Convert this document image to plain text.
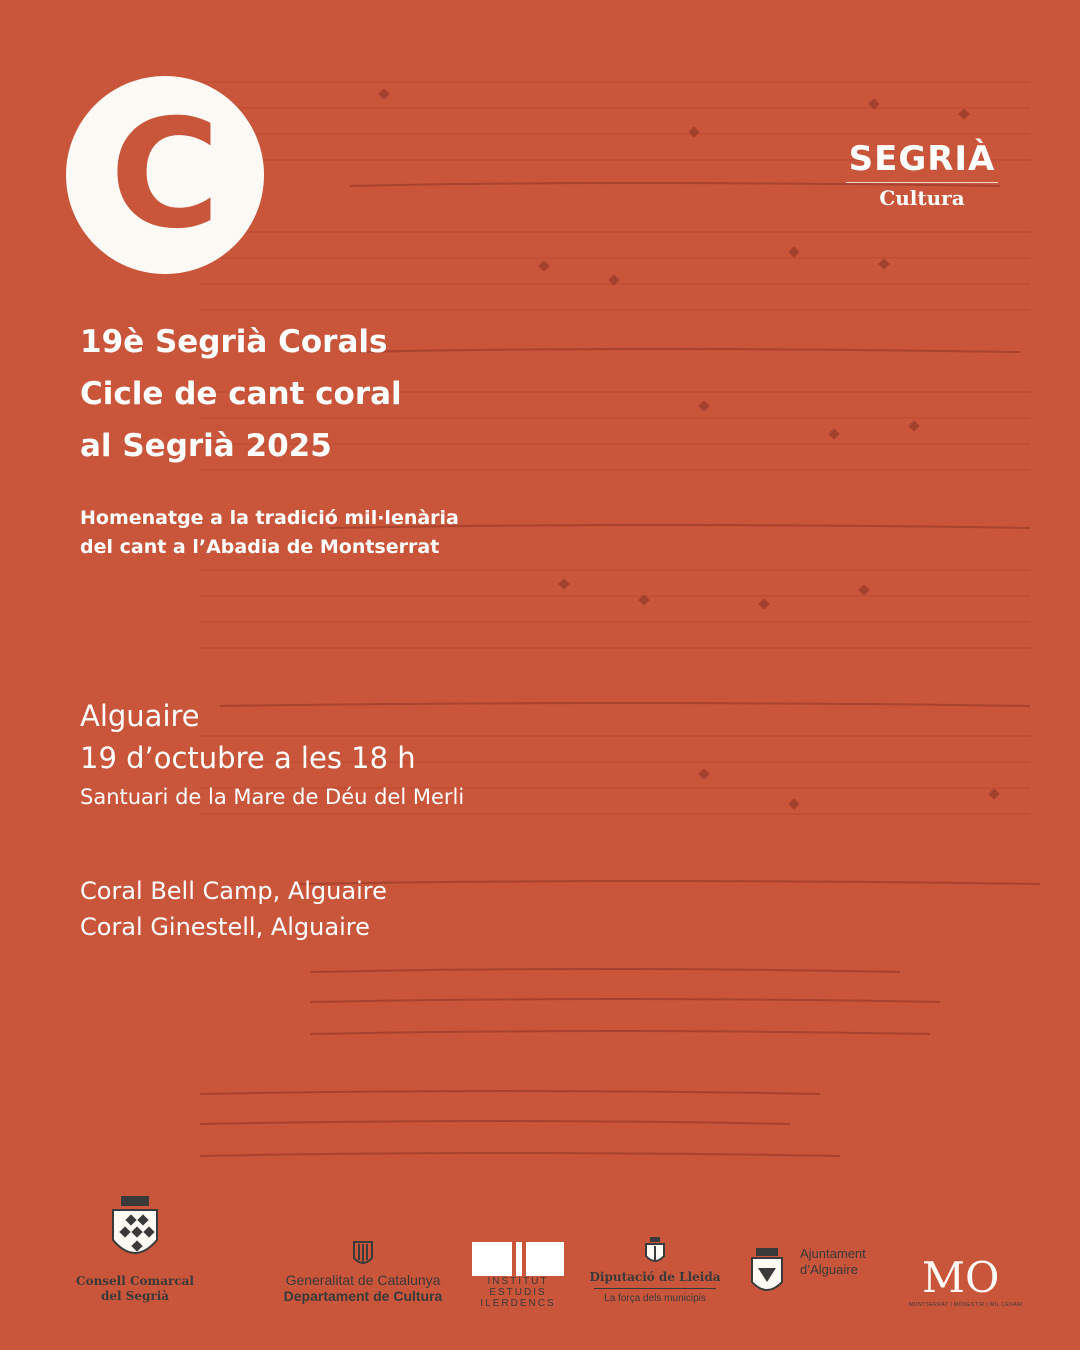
C	SEGRIÀ
Cultura
19è Segrià Corals
Cicle de cant coral
al Segrià 2025
Homenatge a la tradició mil·lenària
del cant a l’Abadia de Montserrat
Alguaire
19 d’octubre a les 18 h
Santuari de la Mare de Déu del Merli
Coral Bell Camp, Alguaire
Coral Ginestell, Alguaire
Consell Comarcal
del Segrià
Generalitat de Catalunya
Departament de Cultura
INSTITUT
ESTUDIS
ILERDENCS
Diputació de Lleida
La força dels municipis
Ajuntament
d’Alguaire MO
MONTSERRAT | MONESTIR | MIL·LENARI
